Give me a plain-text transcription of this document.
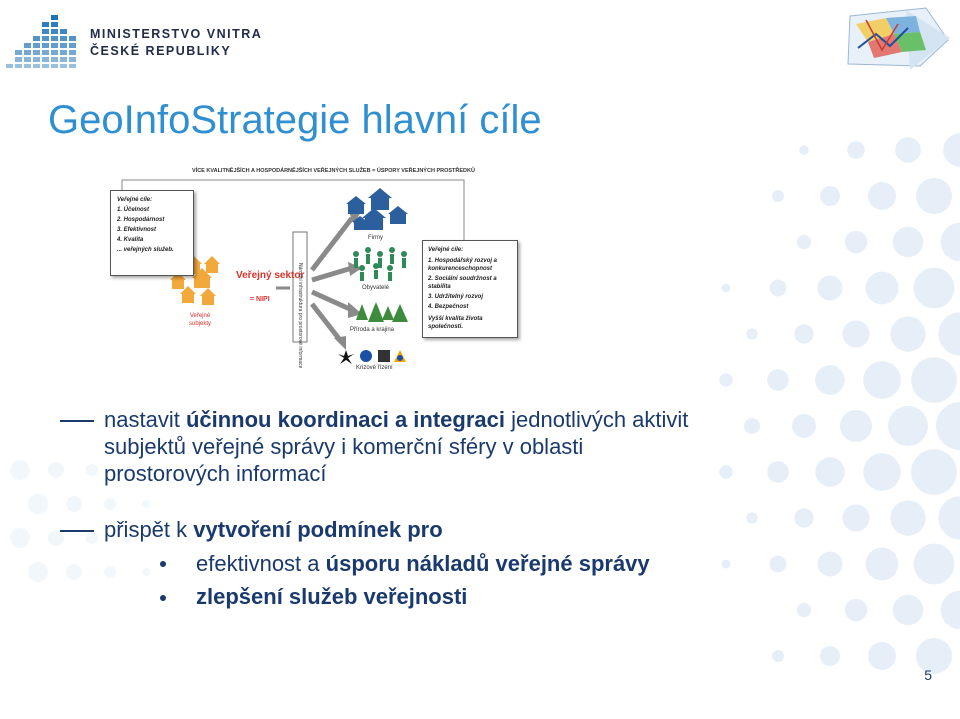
MINISTERSTVO VNITRA
ČESKÉ REPUBLIKY
GeoInfoStrategie hlavní cíle
VÍCE KVALITNĚJŠÍCH A HOSPODÁRNĚJŠÍCH VEŘEJNÝCH SLUŽEB = ÚSPORY VEŘEJNÝCH PROSTŘEDKŮ
Veřejné cíle:
1. Účelnost
2. Hospodárnost
3. Efektivnost
4. Kvalita
... veřejných služeb.
Veřejný sektor
= NIPI
Veřejné subjekty
Firmy
Obyvatelé
Příroda a krajina
Krizové řízení
Veřejné cíle:
1. Hospodářský rozvoj a konkurenceschopnost
2. Sociální soudržnost a stabilita
3. Udržitelný rozvoj
4. Bezpečnost
Vyšší kvalita života společnosti.
nastavit účinnou koordinaci a integraci jednotlivých aktivit
subjektů veřejné správy i komerční sféry v oblasti
prostorových informací
přispět k vytvoření podmínek pro
efektivnost a úsporu nákladů veřejné správy
zlepšení služeb veřejnosti
5
